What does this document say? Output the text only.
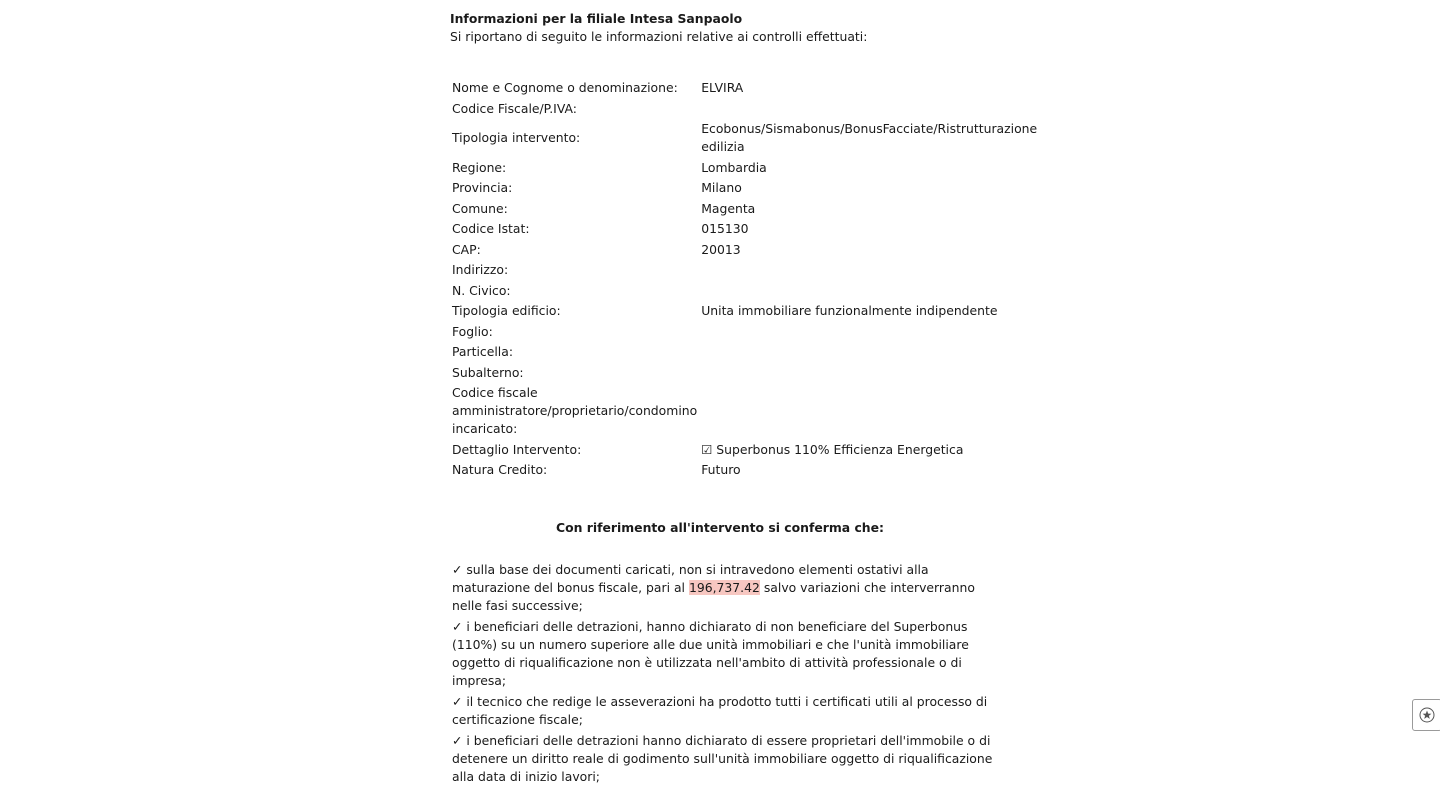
Informazioni per la filiale Intesa Sanpaolo

Si riportano di seguito le informazioni relative ai controlli effettuati:

Nome e Cognome o denominazione:	ELVIRA
Codice Fiscale/P.IVA:	
Tipologia intervento:	Ecobonus/Sismabonus/BonusFacciate/Ristrutturazione edilizia
Regione:	Lombardia
Provincia:	Milano
Comune:	Magenta
Codice Istat:	015130
CAP:	20013
Indirizzo:	
N. Civico:	
Tipologia edificio:	Unita immobiliare funzionalmente indipendente
Foglio:	
Particella:	
Subalterno:	
Codice fiscale amministratore/proprietario/condomino incaricato:	
Dettaglio Intervento:	☑ Superbonus 110% Efficienza Energetica
Natura Credito:	Futuro
Con riferimento all'intervento si conferma che:
✓ sulla base dei documenti caricati, non si intravedono elementi ostativi alla maturazione del bonus fiscale, pari al 196,737.42 salvo variazioni che interverranno nelle fasi successive;
✓ i beneficiari delle detrazioni, hanno dichiarato di non beneficiare del Superbonus (110%) su un numero superiore alle due unità immobiliari e che l'unità immobiliare oggetto di riqualificazione non è utilizzata nell'ambito di attività professionale o di impresa;
✓ il tecnico che redige le asseverazioni ha prodotto tutti i certificati utili al processo di certificazione fiscale;
✓ i beneficiari delle detrazioni hanno dichiarato di essere proprietari dell'immobile o di detenere un diritto reale di godimento sull'unità immobiliare oggetto di riqualificazione alla data di inizio lavori;
